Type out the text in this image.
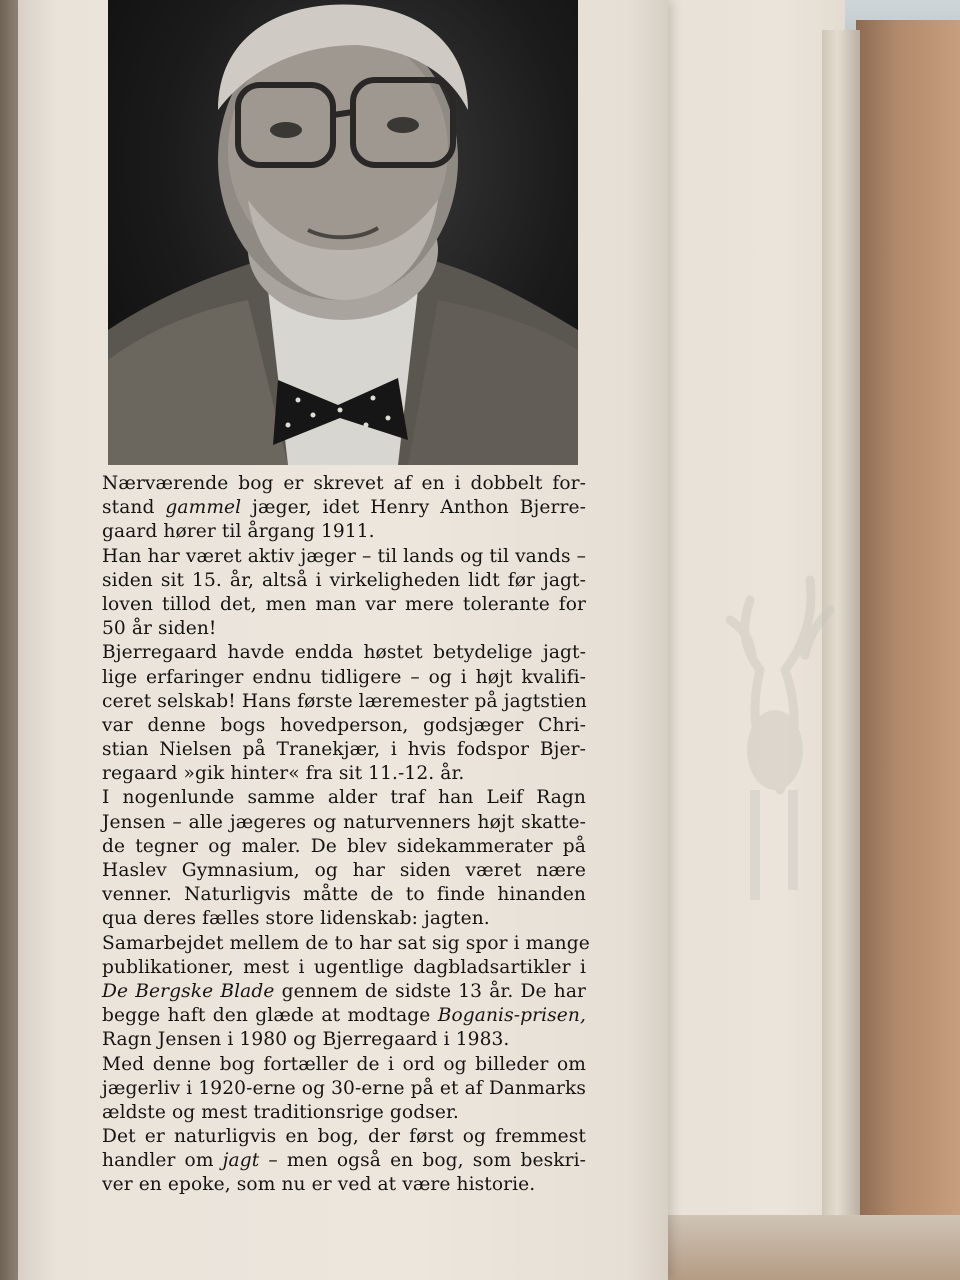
Nærværende bog er skrevet af en i dobbelt for-
stand gammel jæger, idet Henry Anthon Bjerre-
gaard hører til årgang 1911.
Han har været aktiv jæger – til lands og til vands –
siden sit 15. år, altså i virkeligheden lidt før jagt-
loven tillod det, men man var mere tolerante for
50 år siden!
Bjerregaard havde endda høstet betydelige jagt-
lige erfaringer endnu tidligere – og i højt kvalifi-
ceret selskab! Hans første læremester på jagtstien
var denne bogs hovedperson, godsjæger Chri-
stian Nielsen på Tranekjær, i hvis fodspor Bjer-
regaard »gik hinter« fra sit 11.-12. år.
I nogenlunde samme alder traf han Leif Ragn
Jensen – alle jægeres og naturvenners højt skatte-
de tegner og maler. De blev sidekammerater på
Haslev Gymnasium, og har siden været nære
venner. Naturligvis måtte de to finde hinanden
qua deres fælles store lidenskab: jagten.
Samarbejdet mellem de to har sat sig spor i mange
publikationer, mest i ugentlige dagbladsartikler i
De Bergske Blade gennem de sidste 13 år. De har
begge haft den glæde at modtage Boganis-prisen,
Ragn Jensen i 1980 og Bjerregaard i 1983.
Med denne bog fortæller de i ord og billeder om
jægerliv i 1920-erne og 30-erne på et af Danmarks
ældste og mest traditionsrige godser.
Det er naturligvis en bog, der først og fremmest
handler om jagt – men også en bog, som beskri-
ver en epoke, som nu er ved at være historie.
